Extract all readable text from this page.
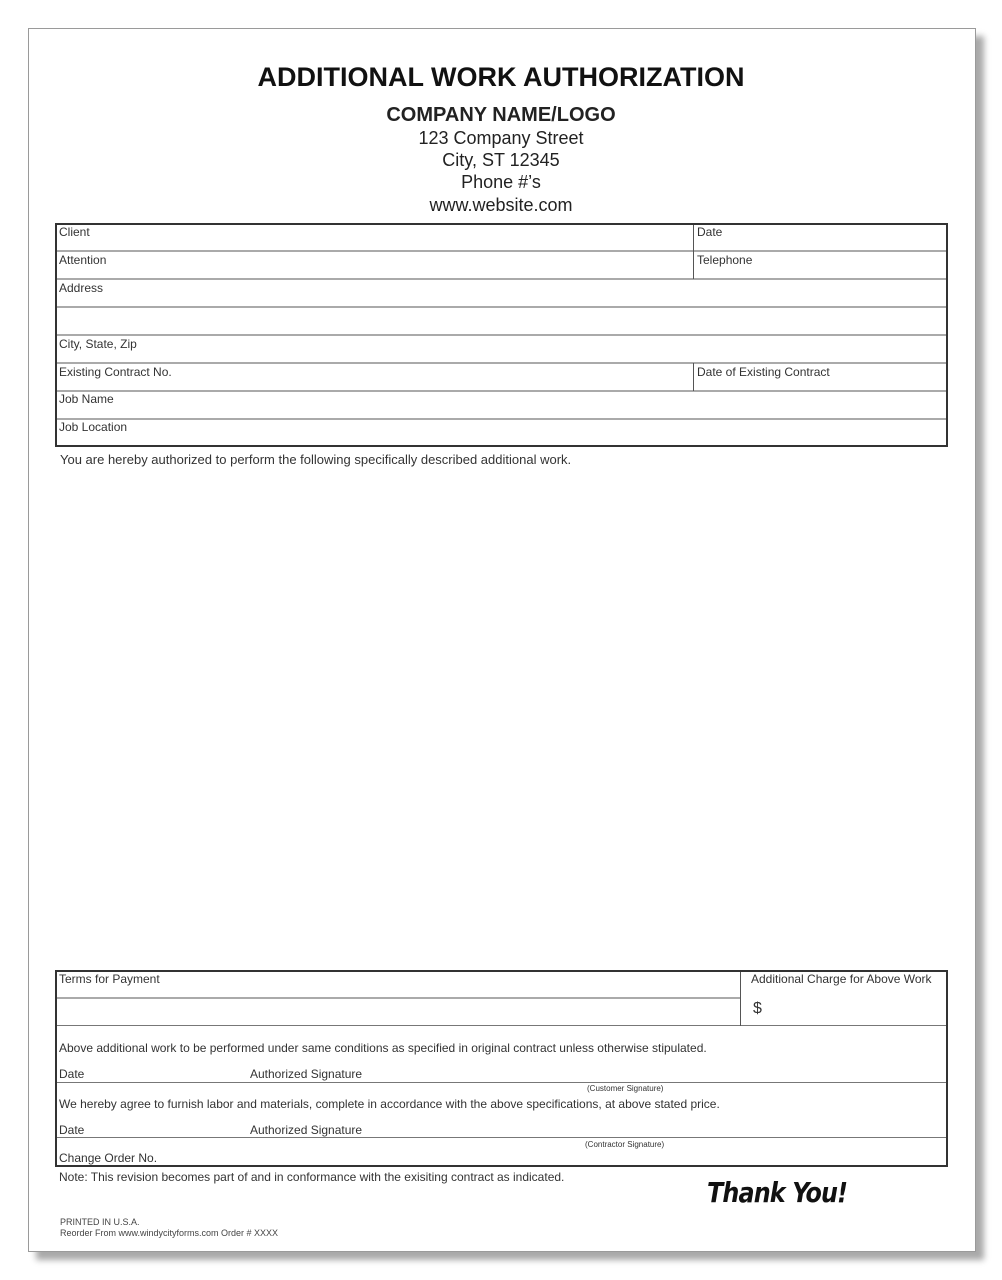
ADDITIONAL WORK AUTHORIZATION
COMPANY NAME/LOGO
123 Company Street
City, ST 12345
Phone #’s
www.website.com
Client	Date
Attention	Telephone
Address
City, State, Zip
Existing Contract No.	Date of Existing Contract
Job Name
Job Location
You are hereby authorized to perform the following specifically described additional work.
Terms for Payment	Additional Charge for Above Work
$
Above additional work to be performed under same conditions as specified in original contract unless otherwise stipulated.
Date	Authorized Signature
(Customer Signature)
We hereby agree to furnish labor and materials, complete in accordance with the above specifications, at above stated price.
Date	Authorized Signature
(Contractor Signature)
Change Order No.
Note: This revision becomes part of and in conformance with the exisiting contract as indicated.	Thank You!
PRINTED IN U.S.A.
Reorder From www.windycityforms.com Order # XXXX
